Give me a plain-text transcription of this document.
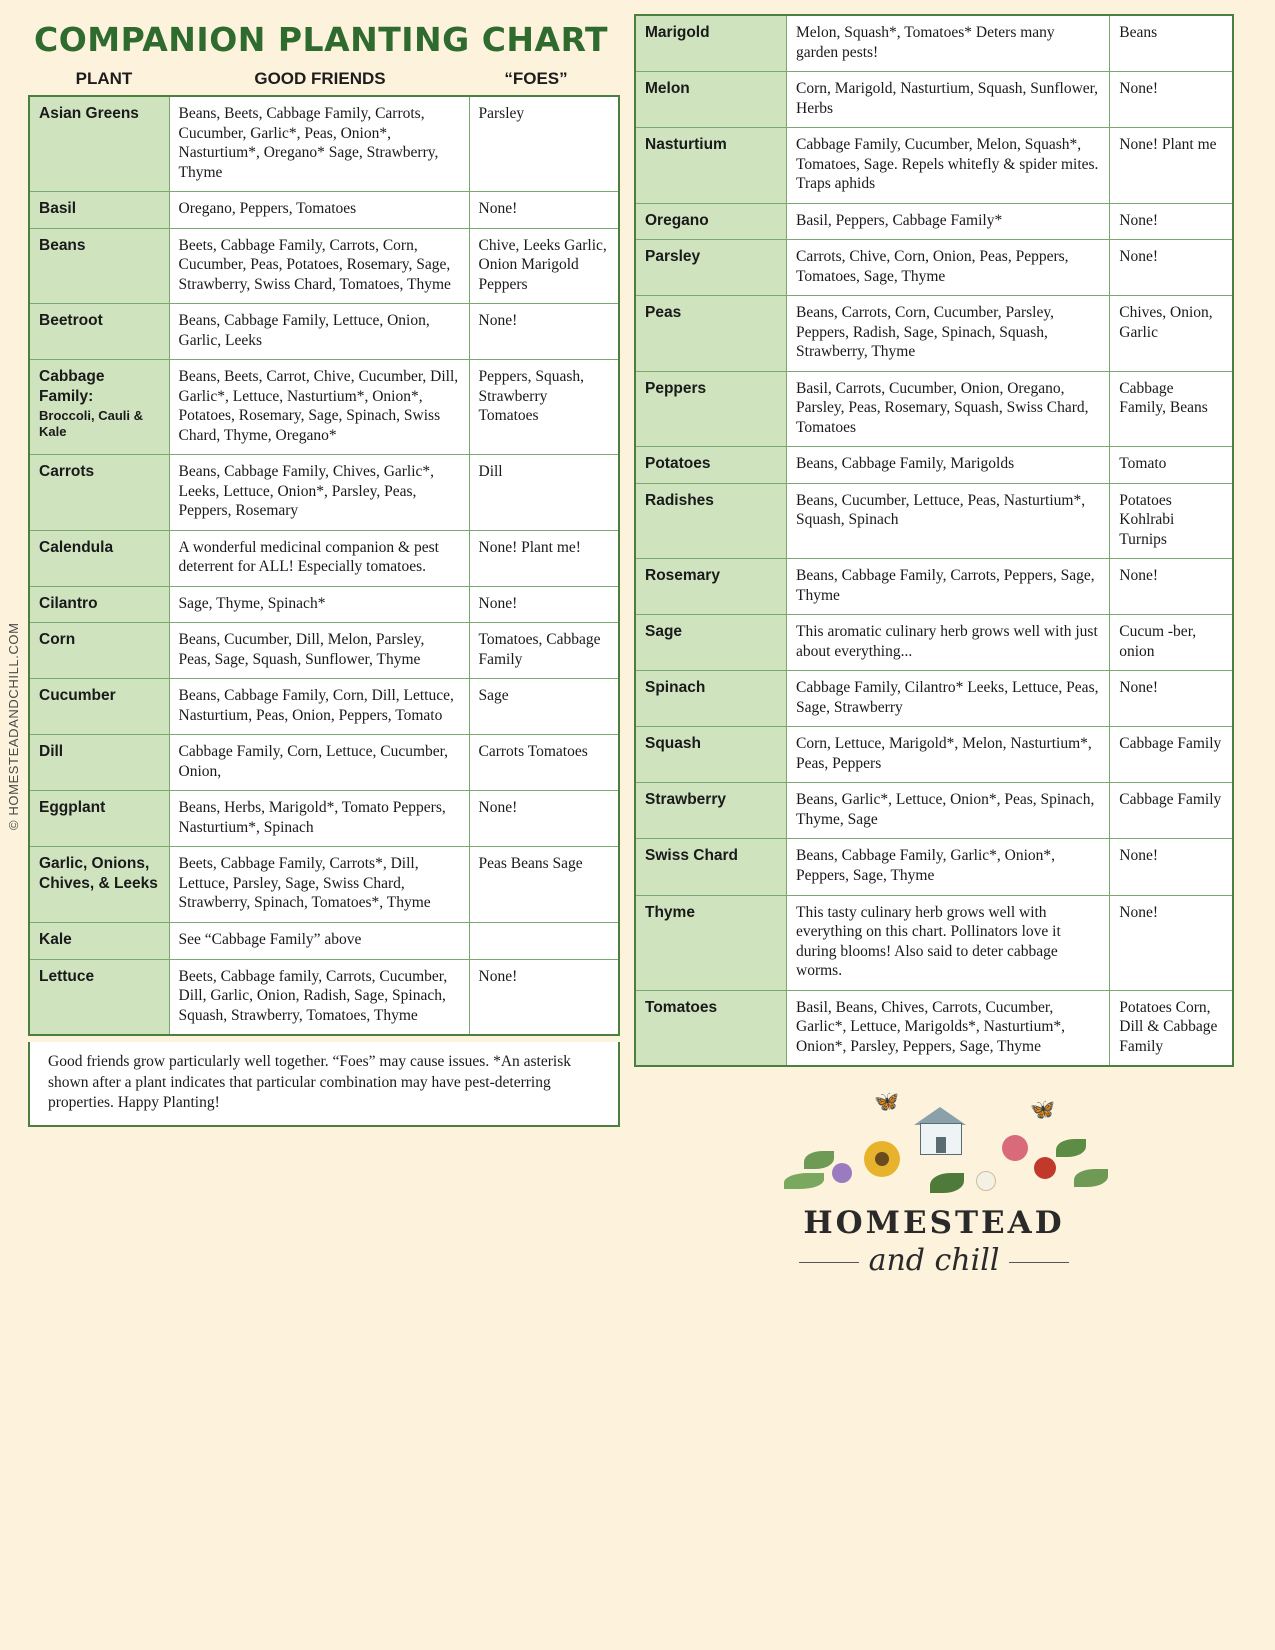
© HOMESTEADANDCHILL.COM
COMPANION PLANTING CHART
PLANT	GOOD FRIENDS	“FOES”
Asian Greens	Beans, Beets, Cabbage Family, Carrots, Cucumber, Garlic*, Peas, Onion*, Nasturtium*, Oregano* Sage, Strawberry, Thyme	Parsley
Basil	Oregano, Peppers, Tomatoes	None!
Beans	Beets, Cabbage Family, Carrots, Corn, Cucumber, Peas, Potatoes, Rosemary, Sage, Strawberry, Swiss Chard, Tomatoes, Thyme	Chive, Leeks Garlic, Onion Marigold Peppers
Beetroot	Beans, Cabbage Family, Lettuce, Onion, Garlic, Leeks	None!
Cabbage Family:
Broccoli, Cauli & Kale	Beans, Beets, Carrot, Chive, Cucumber, Dill, Garlic*, Lettuce, Nasturtium*, Onion*, Potatoes, Rosemary, Sage, Spinach, Swiss Chard, Thyme, Oregano*	Peppers, Squash, Strawberry Tomatoes
Carrots	Beans, Cabbage Family, Chives, Garlic*, Leeks, Lettuce, Onion*, Parsley, Peas, Peppers, Rosemary	Dill
Calendula	A wonderful medicinal companion & pest deterrent for ALL! Especially tomatoes.	None! Plant me!
Cilantro	Sage, Thyme, Spinach*	None!
Corn	Beans, Cucumber, Dill, Melon, Parsley, Peas, Sage, Squash, Sunflower, Thyme	Tomatoes, Cabbage Family
Cucumber	Beans, Cabbage Family, Corn, Dill, Lettuce, Nasturtium, Peas, Onion, Peppers, Tomato	Sage
Dill	Cabbage Family, Corn, Lettuce, Cucumber, Onion,	Carrots Tomatoes
Eggplant	Beans, Herbs, Marigold*, Tomato Peppers, Nasturtium*, Spinach	None!
Garlic, Onions, Chives, & Leeks	Beets, Cabbage Family, Carrots*, Dill, Lettuce, Parsley, Sage, Swiss Chard, Strawberry, Spinach, Tomatoes*, Thyme	Peas Beans Sage
Kale	See “Cabbage Family” above	
Lettuce	Beets, Cabbage family, Carrots, Cucumber, Dill, Garlic, Onion, Radish, Sage, Spinach, Squash, Strawberry, Tomatoes, Thyme	None!
Good friends grow particularly well together. “Foes” may cause issues. *An asterisk shown after a plant indicates that particular combination may have pest-deterring properties. Happy Planting!
Marigold	Melon, Squash*, Tomatoes* Deters many garden pests!	Beans
Melon	Corn, Marigold, Nasturtium, Squash, Sunflower, Herbs	None!
Nasturtium	Cabbage Family, Cucumber, Melon, Squash*, Tomatoes, Sage. Repels whitefly & spider mites. Traps aphids	None! Plant me
Oregano	Basil, Peppers, Cabbage Family*	None!
Parsley	Carrots, Chive, Corn, Onion, Peas, Peppers, Tomatoes, Sage, Thyme	None!
Peas	Beans, Carrots, Corn, Cucumber, Parsley, Peppers, Radish, Sage, Spinach, Squash, Strawberry, Thyme	Chives, Onion, Garlic
Peppers	Basil, Carrots, Cucumber, Onion, Oregano, Parsley, Peas, Rosemary, Squash, Swiss Chard, Tomatoes	Cabbage Family, Beans
Potatoes	Beans, Cabbage Family, Marigolds	Tomato
Radishes	Beans, Cucumber, Lettuce, Peas, Nasturtium*, Squash, Spinach	Potatoes Kohlrabi Turnips
Rosemary	Beans, Cabbage Family, Carrots, Peppers, Sage, Thyme	None!
Sage	This aromatic culinary herb grows well with just about everything...	Cucum -ber, onion
Spinach	Cabbage Family, Cilantro* Leeks, Lettuce, Peas, Sage, Strawberry	None!
Squash	Corn, Lettuce, Marigold*, Melon, Nasturtium*, Peas, Peppers	Cabbage Family
Strawberry	Beans, Garlic*, Lettuce, Onion*, Peas, Spinach, Thyme, Sage	Cabbage Family
Swiss Chard	Beans, Cabbage Family, Garlic*, Onion*, Peppers, Sage, Thyme	None!
Thyme	This tasty culinary herb grows well with everything on this chart. Pollinators love it during blooms! Also said to deter cabbage worms.	None!
Tomatoes	Basil, Beans, Chives, Carrots, Cucumber, Garlic*, Lettuce, Marigolds*, Nasturtium*, Onion*, Parsley, Peppers, Sage, Thyme	Potatoes Corn, Dill & Cabbage Family
🦋	🦋
HOMESTEAD
and chill
